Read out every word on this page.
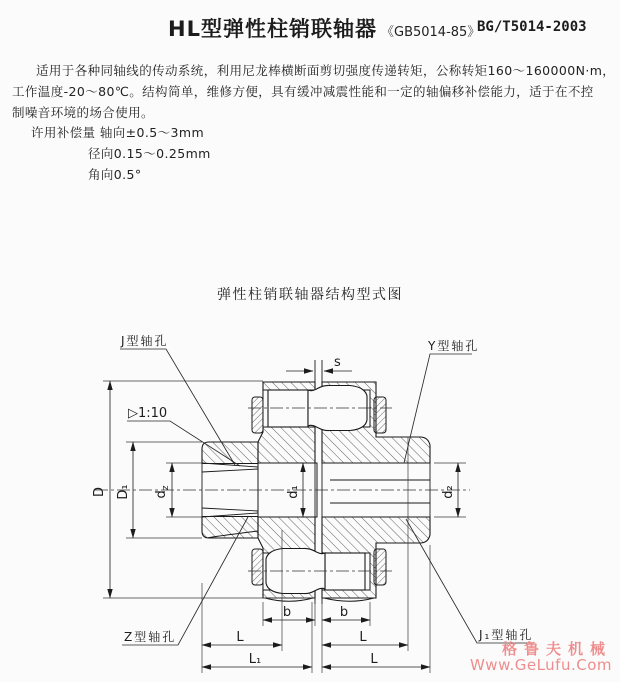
HL型弹性柱销联轴器 《GB5014-85》
BG/T5014-2003
适用于各种同轴线的传动系统，利用尼龙棒横断面剪切强度传递转矩，公称转矩160～160000N·m，
工作温度-20～80℃。结构简单，维修方便，具有缓冲减震性能和一定的轴偏移补偿能力，适于在不控
制噪音环境的场合使用。
许用补偿量 轴向±0.5～3mm
径向0.15～0.25mm
角向0.5°
弹性柱销联轴器结构型式图
J型轴孔	Y型轴孔
Z型轴孔	J₁型轴孔
▷1:10
s
b	b
L	L
L₁	L
D D₁ $d_z$	d₁	d₂
格鲁夫机械
Www.GeLufu.Com
